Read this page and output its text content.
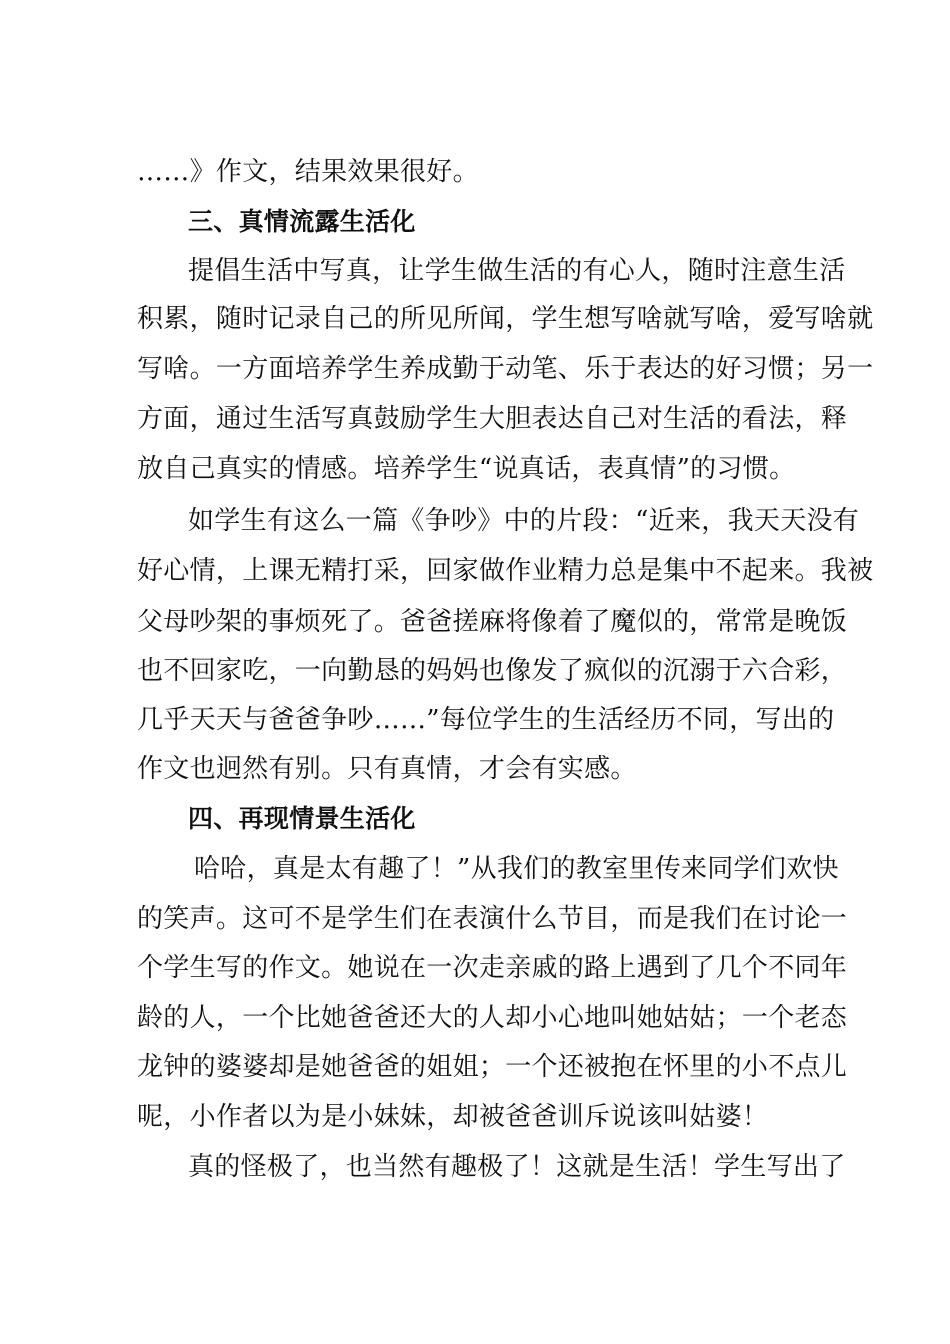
……》作文，结果效果很好。
三、真情流露生活化
提倡生活中写真，让学生做生活的有心人，随时注意生活
积累，随时记录自己的所见所闻，学生想写啥就写啥，爱写啥就
写啥。一方面培养学生养成勤于动笔、乐于表达的好习惯；另一
方面，通过生活写真鼓励学生大胆表达自己对生活的看法，释
放自己真实的情感。培养学生“说真话，表真情”的习惯。
如学生有这么一篇《争吵》中的片段：“近来，我天天没有
好心情，上课无精打采，回家做作业精力总是集中不起来。我被
父母吵架的事烦死了。爸爸搓麻将像着了魔似的，常常是晚饭
也不回家吃，一向勤恳的妈妈也像发了疯似的沉溺于六合彩，
几乎天天与爸爸争吵……”每位学生的生活经历不同，写出的
作文也迥然有别。只有真情，才会有实感。
四、再现情景生活化
哈哈，真是太有趣了！”从我们的教室里传来同学们欢快
的笑声。这可不是学生们在表演什么节目，而是我们在讨论一
个学生写的作文。她说在一次走亲戚的路上遇到了几个不同年
龄的人，一个比她爸爸还大的人却小心地叫她姑姑；一个老态
龙钟的婆婆却是她爸爸的姐姐；一个还被抱在怀里的小不点儿
呢，小作者以为是小妹妹，却被爸爸训斥说该叫姑婆！
真的怪极了，也当然有趣极了！这就是生活！学生写出了
